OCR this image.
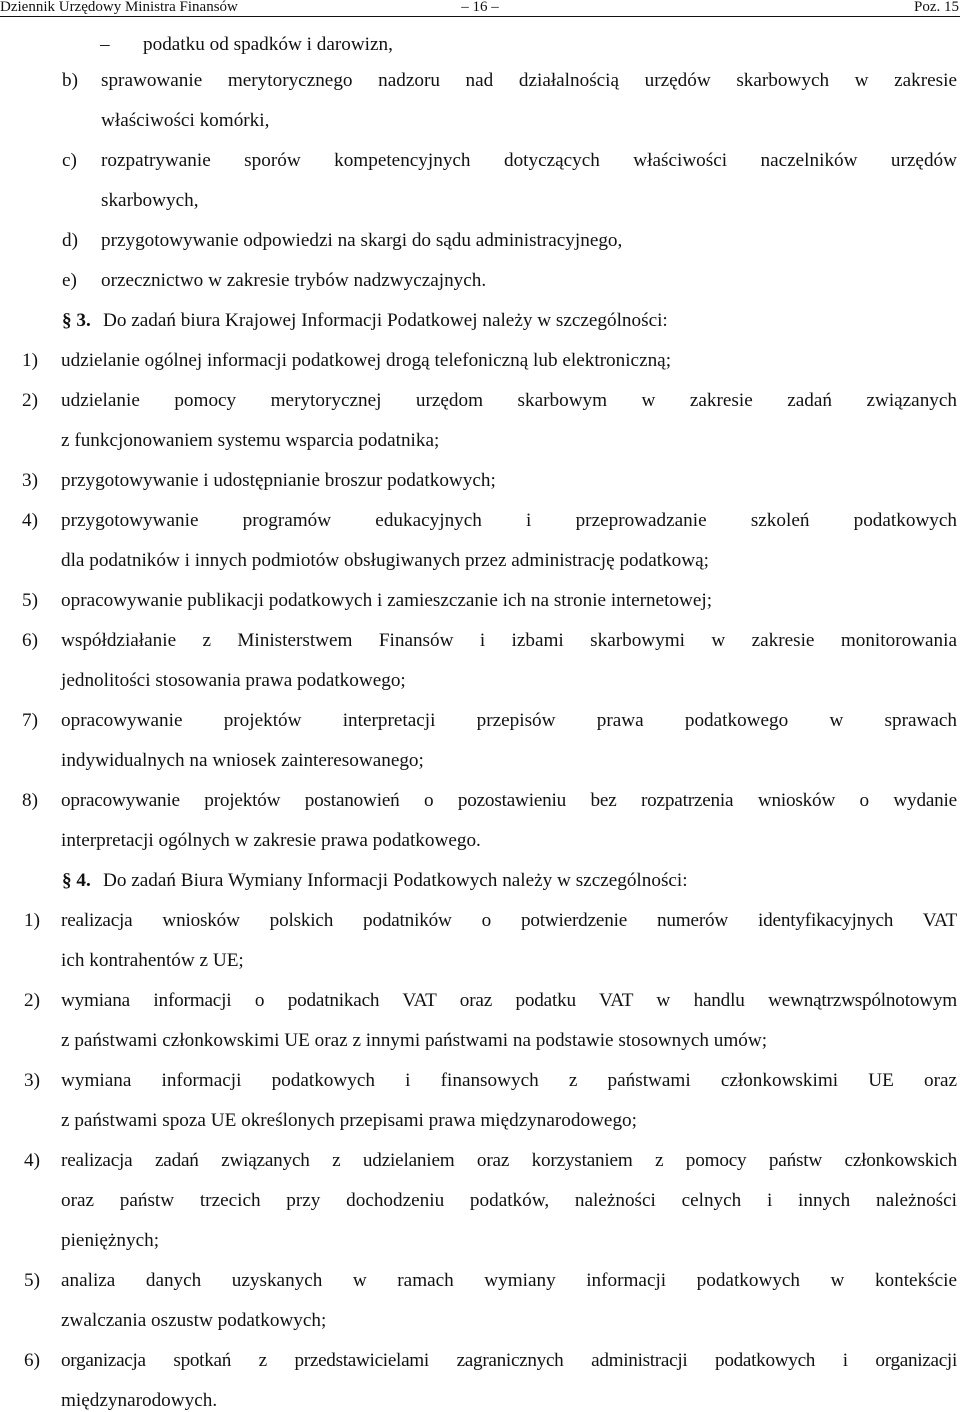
Dziennik Urzędowy Ministra Finansów	– 16 –	Poz. 15
– podatku od spadków i darowizn,
b) sprawowanie merytorycznego nadzoru nad działalnością urzędów skarbowych w zakresie
właściwości komórki,
c) rozpatrywanie sporów kompetencyjnych dotyczących właściwości naczelników urzędów
skarbowych,
d) przygotowywanie odpowiedzi na skargi do sądu administracyjnego,
e) orzecznictwo w zakresie trybów nadzwyczajnych.
§ 3. Do zadań biura Krajowej Informacji Podatkowej należy w szczególności:
1) udzielanie ogólnej informacji podatkowej drogą telefoniczną lub elektroniczną;
2) udzielanie pomocy merytorycznej urzędom skarbowym w zakresie zadań związanych
z funkcjonowaniem systemu wsparcia podatnika;
3) przygotowywanie i udostępnianie broszur podatkowych;
4) przygotowywanie programów edukacyjnych i przeprowadzanie szkoleń podatkowych
dla podatników i innych podmiotów obsługiwanych przez administrację podatkową;
5) opracowywanie publikacji podatkowych i zamieszczanie ich na stronie internetowej;
6) współdziałanie z Ministerstwem Finansów i izbami skarbowymi w zakresie monitorowania
jednolitości stosowania prawa podatkowego;
7) opracowywanie projektów interpretacji przepisów prawa podatkowego w sprawach
indywidualnych na wniosek zainteresowanego;
8) opracowywanie projektów postanowień o pozostawieniu bez rozpatrzenia wniosków o wydanie
interpretacji ogólnych w zakresie prawa podatkowego.
§ 4. Do zadań Biura Wymiany Informacji Podatkowych należy w szczególności:
1) realizacja wniosków polskich podatników o potwierdzenie numerów identyfikacyjnych VAT
ich kontrahentów z UE;
2) wymiana informacji o podatnikach VAT oraz podatku VAT w handlu wewnątrzwspólnotowym
z państwami członkowskimi UE oraz z innymi państwami na podstawie stosownych umów;
3) wymiana informacji podatkowych i finansowych z państwami członkowskimi UE oraz
z państwami spoza UE określonych przepisami prawa międzynarodowego;
4) realizacja zadań związanych z udzielaniem oraz korzystaniem z pomocy państw członkowskich
oraz państw trzecich przy dochodzeniu podatków, należności celnych i innych należności
pieniężnych;
5) analiza danych uzyskanych w ramach wymiany informacji podatkowych w kontekście
zwalczania oszustw podatkowych;
6) organizacja spotkań z przedstawicielami zagranicznych administracji podatkowych i organizacji
międzynarodowych.
